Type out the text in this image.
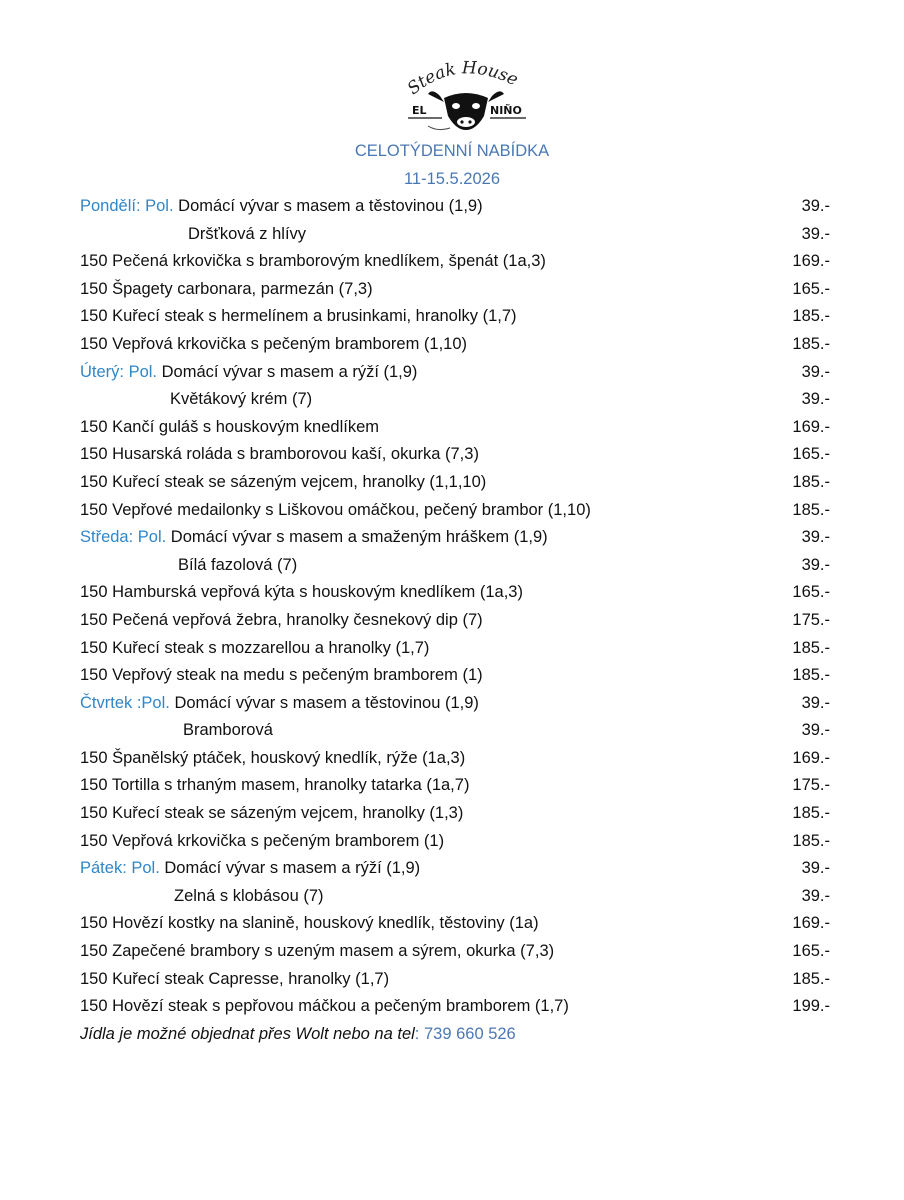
Steak House
EL	NIÑO
CELOTÝDENNÍ NABÍDKA
11-15.5.2026
Pondělí: Pol. Domácí vývar s masem a těstovinou (1,9)	39.-
Dršťková z hlívy	39.-
150 Pečená krkovička s bramborovým knedlíkem, špenát (1a,3)	169.-
150 Špagety carbonara, parmezán (7,3)	165.-
150 Kuřecí steak s hermelínem a brusinkami, hranolky (1,7)	185.-
150 Vepřová krkovička s pečeným bramborem (1,10)	185.-
Úterý: Pol. Domácí vývar s masem a rýží (1,9)	39.-
Květákový krém (7)	39.-
150 Kančí guláš s houskovým knedlíkem	169.-
150 Husarská roláda s bramborovou kaší, okurka (7,3)	165.-
150 Kuřecí steak se sázeným vejcem, hranolky (1,1,10)	185.-
150 Vepřové medailonky s Liškovou omáčkou, pečený brambor (1,10)	185.-
Středa: Pol. Domácí vývar s masem a smaženým hráškem (1,9)	39.-
Bílá fazolová (7)	39.-
150 Hamburská vepřová kýta s houskovým knedlíkem (1a,3)	165.-
150 Pečená vepřová žebra, hranolky česnekový dip (7)	175.-
150 Kuřecí steak s mozzarellou a hranolky (1,7)	185.-
150 Vepřový steak na medu s pečeným bramborem (1)	185.-
Čtvrtek :Pol. Domácí vývar s masem a těstovinou (1,9)	39.-
Bramborová	39.-
150 Španělský ptáček, houskový knedlík, rýže (1a,3)	169.-
150 Tortilla s trhaným masem, hranolky tatarka (1a,7)	175.-
150 Kuřecí steak se sázeným vejcem, hranolky (1,3)	185.-
150 Vepřová krkovička s pečeným bramborem (1)	185.-
Pátek: Pol. Domácí vývar s masem a rýží (1,9)	39.-
Zelná s klobásou (7)	39.-
150 Hovězí kostky na slanině, houskový knedlík, těstoviny (1a)	169.-
150 Zapečené brambory s uzeným masem a sýrem, okurka (7,3)	165.-
150 Kuřecí steak Capresse, hranolky (1,7)	185.-
150 Hovězí steak s pepřovou máčkou a pečeným bramborem (1,7)	199.-
Jídla je možné objednat přes Wolt nebo na tel: 739 660 526
